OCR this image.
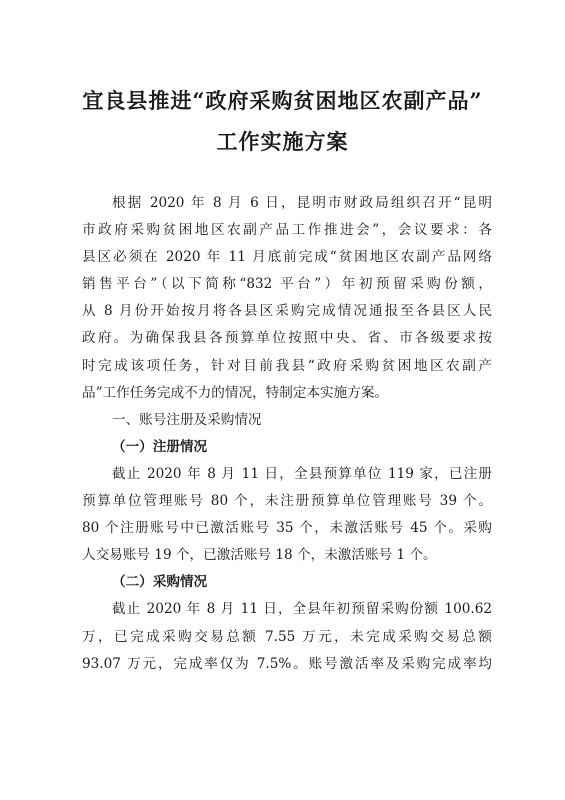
宜良县推进“政府采购贫困地区农副产品”
工作实施方案
根据 2020 年 8 月 6 日，昆明市财政局组织召开“昆明
市政府采购贫困地区农副产品工作推进会”，会议要求：各
县区必须在 2020 年 11 月底前完成“贫困地区农副产品网络
销售平台”（以下简称“832 平台”）年初预留采购份额，
从 8 月份开始按月将各县区采购完成情况通报至各县区人民
政府。为确保我县各预算单位按照中央、省、市各级要求按
时完成该项任务，针对目前我县“政府采购贫困地区农副产
品”工作任务完成不力的情况，特制定本实施方案。
一、账号注册及采购情况
（一）注册情况
截止 2020 年 8 月 11 日，全县预算单位 119 家，已注册
预算单位管理账号 80 个，未注册预算单位管理账号 39 个。
80 个注册账号中已激活账号 35 个，未激活账号 45 个。采购
人交易账号 19 个，已激活账号 18 个，未激活账号 1 个。
（二）采购情况
截止 2020 年 8 月 11 日，全县年初预留采购份额 100.62
万，已完成采购交易总额 7.55 万元，未完成采购交易总额
93.07 万元，完成率仅为 7.5%。账号激活率及采购完成率均
